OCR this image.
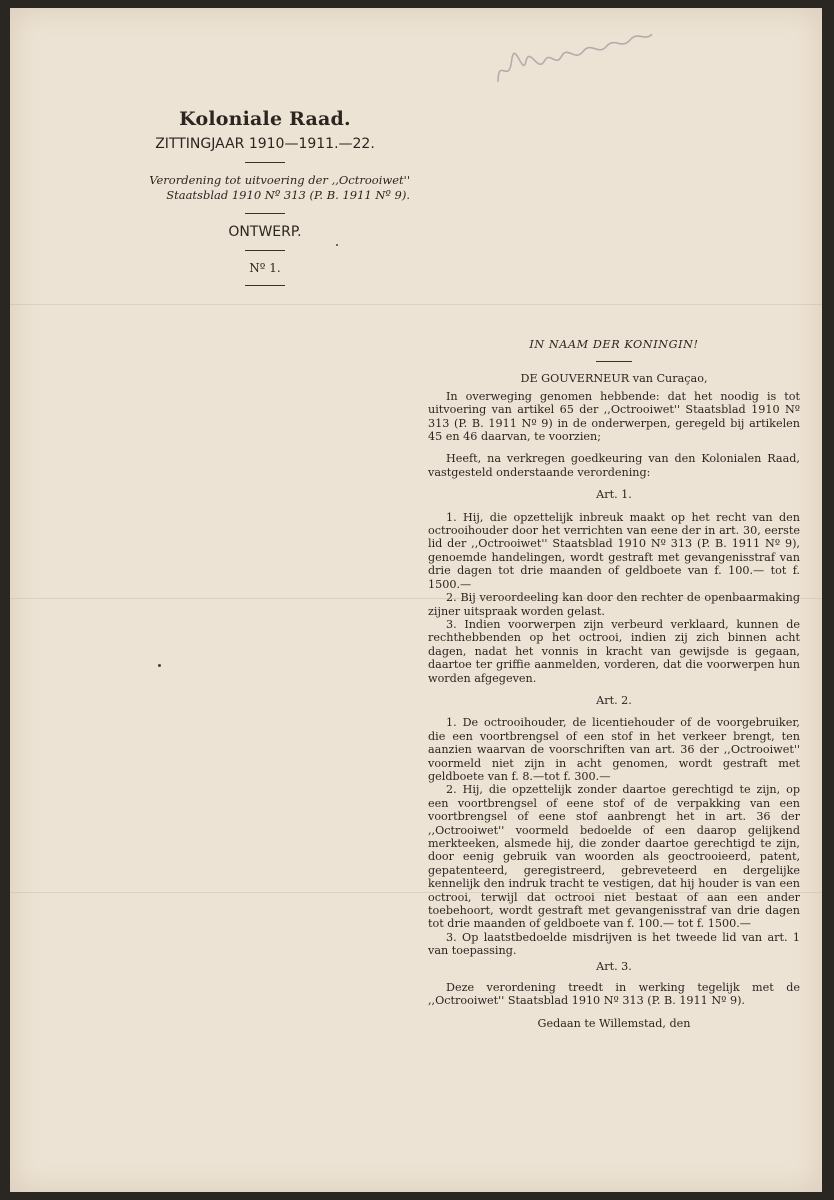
Koloniale Raad.
ZITTINGJAAR 1910—1911.—22.
Verordening tot uitvoering der ,,Octrooiwet''
Staatsblad 1910 Nº 313 (P. B. 1911 Nº 9).
ONTWERP.
Nº 1.

IN NAAM DER KONINGIN!

DE GOUVERNEUR van Curaçao,

In overweging genomen hebbende: dat het noodig is tot uitvoering van artikel 65 der ,,Octrooiwet'' Staatsblad 1910 Nº 313 (P. B. 1911 Nº 9) in de onderwerpen, geregeld bij artikelen 45 en 46 daarvan, te voorzien;

Heeft, na verkregen goedkeuring van den Kolonialen Raad, vastgesteld onderstaande verordening:

Art. 1.

1. Hij, die opzettelijk inbreuk maakt op het recht van den octrooihouder door het verrichten van eene der in art. 30, eerste lid der ,,Octrooiwet'' Staatsblad 1910 Nº 313 (P. B. 1911 Nº 9), genoemde handelingen, wordt gestraft met gevangenisstraf van drie dagen tot drie maanden of geldboete van f. 100.— tot f. 1500.—

2. Bij veroordeeling kan door den rechter de openbaarmaking zijner uitspraak worden gelast.

3. Indien voorwerpen zijn verbeurd verklaard, kunnen de rechthebbenden op het octrooi, indien zij zich binnen acht dagen, nadat het vonnis in kracht van gewijsde is gegaan, daartoe ter griffie aanmelden, vorderen, dat die voorwerpen hun worden afgegeven.

Art. 2.

1. De octrooihouder, de licentiehouder of de voorgebruiker, die een voortbrengsel of een stof in het verkeer brengt, ten aanzien waarvan de voorschriften van art. 36 der ,,Octrooiwet'' voormeld niet zijn in acht genomen, wordt gestraft met geldboete van f. 8.—tot f. 300.—

2. Hij, die opzettelijk zonder daartoe gerechtigd te zijn, op een voortbrengsel of eene stof of de verpakking van een voortbrengsel of eene stof aanbrengt het in art. 36 der ,,Octrooiwet'' voormeld bedoelde of een daarop gelijkend merkteeken, alsmede hij, die zonder daartoe gerechtigd te zijn, door eenig gebruik van woorden als geoctrooieerd, patent, gepatenteerd, geregistreerd, gebreveteerd en dergelijke kennelijk den indruk tracht te vestigen, dat hij houder is van een octrooi, terwijl dat octrooi niet bestaat of aan een ander toebehoort, wordt gestraft met gevangenisstraf van drie dagen tot drie maanden of geldboete van f. 100.— tot f. 1500.—

3. Op laatstbedoelde misdrijven is het tweede lid van art. 1 van toepassing.

Art. 3.

Deze verordening treedt in werking tegelijk met de ,,Octrooiwet'' Staatsblad 1910 Nº 313 (P. B. 1911 Nº 9).

Gedaan te Willemstad, den
